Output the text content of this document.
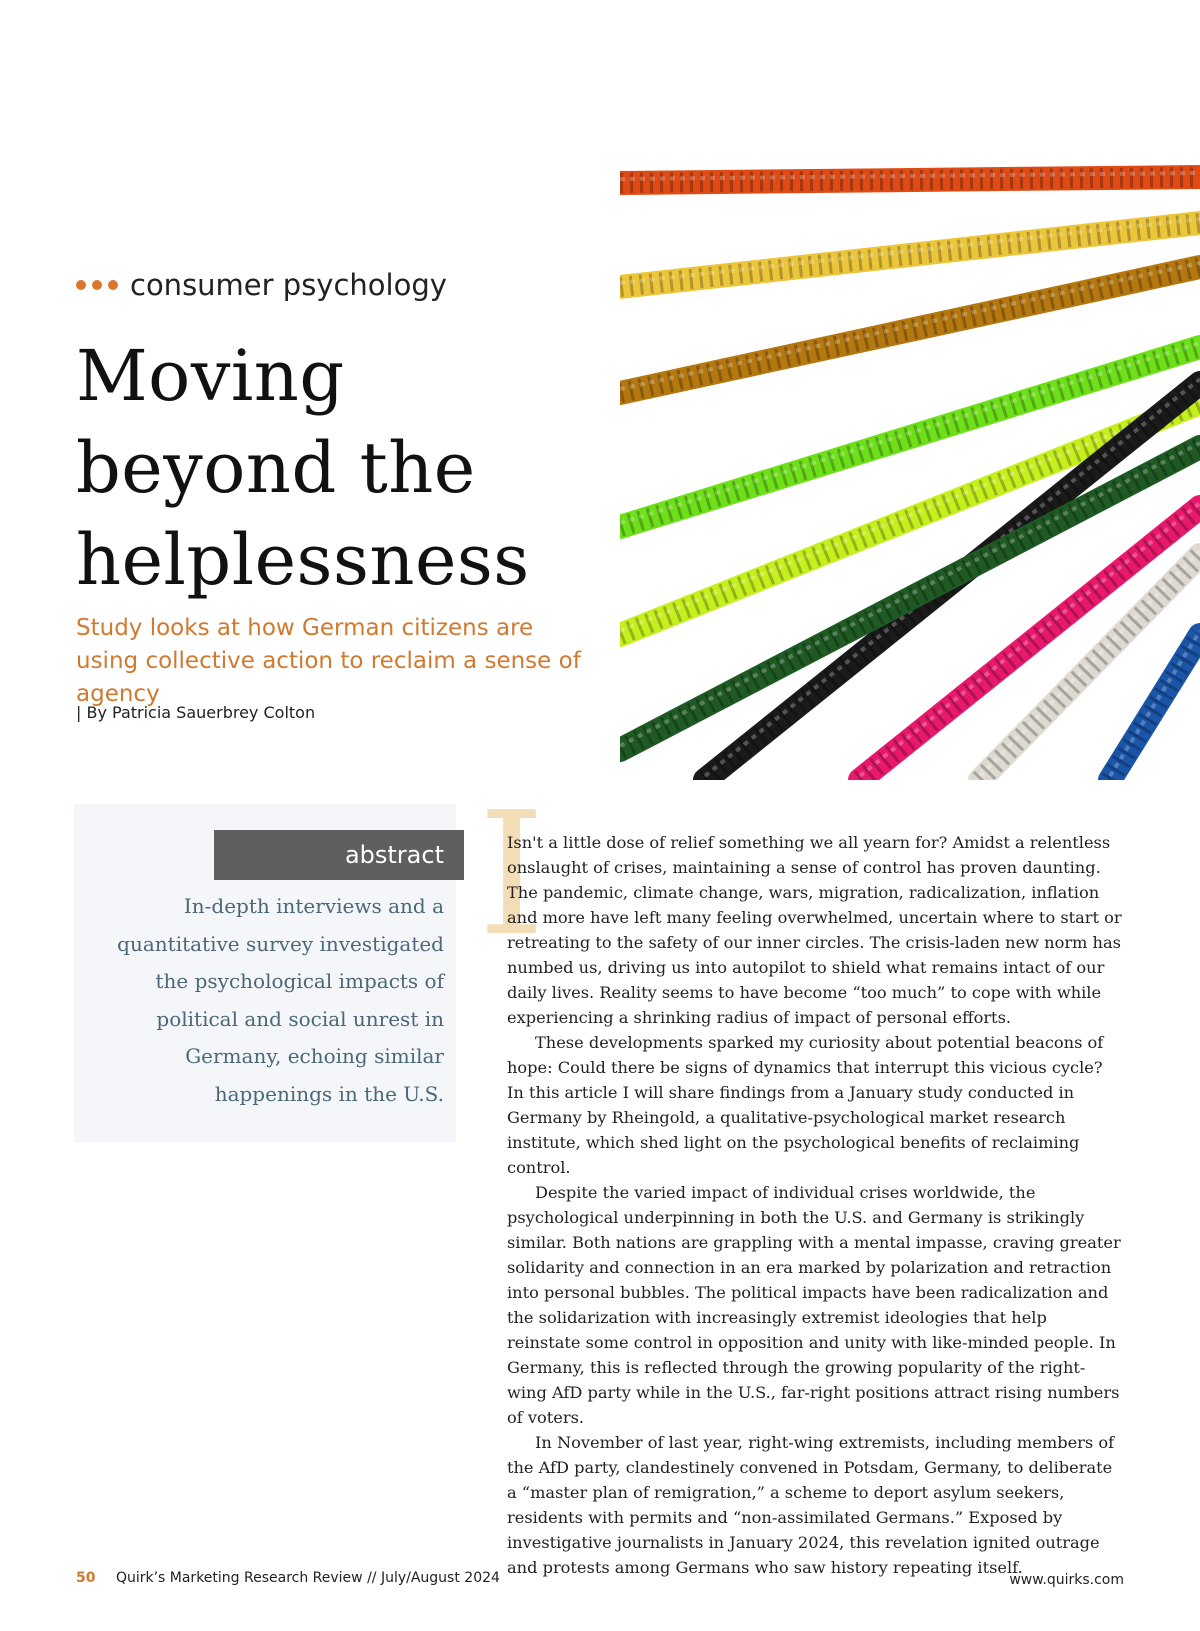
consumer psychology
Moving beyond the helplessness
Study looks at how German citizens are using collective action to reclaim a sense of agency
| By Patricia Sauerbrey Colton
abstract
In-depth interviews and a quantitative survey investigated the psychological impacts of political and social unrest in Germany, echoing similar happenings in the U.S.
I

Isn't a little dose of relief something we all yearn for? Amidst a relentless onslaught of crises, maintaining a sense of control has proven daunting. The pandemic, climate change, wars, migration, radicalization, inflation and more have left many feeling overwhelmed, uncertain where to start or retreating to the safety of our inner circles. The crisis-laden new norm has numbed us, driving us into autopilot to shield what remains intact of our daily lives. Reality seems to have become “too much” to cope with while experiencing a shrinking radius of impact of personal efforts.

These developments sparked my curiosity about potential beacons of hope: Could there be signs of dynamics that interrupt this vicious cycle? In this article I will share findings from a January study conducted in Germany by Rheingold, a qualitative-psychological market research institute, which shed light on the psychological benefits of reclaiming control.

Despite the varied impact of individual crises worldwide, the psychological underpinning in both the U.S. and Germany is strikingly similar. Both nations are grappling with a mental impasse, craving greater solidarity and connection in an era marked by polarization and retraction into personal bubbles. The political impacts have been radicalization and the solidarization with increasingly extremist ideologies that help reinstate some control in opposition and unity with like-minded people. In Germany, this is reflected through the growing popularity of the right-wing AfD party while in the U.S., far-right positions attract rising numbers of voters.

In November of last year, right-wing extremists, including members of the AfD party, clandestinely convened in Potsdam, Germany, to deliberate a “master plan of remigration,” a scheme to deport asylum seekers, residents with permits and “non-assimilated Germans.” Exposed by investigative journalists in January 2024, this revelation ignited outrage and protests among Germans who saw history repeating itself.

50 Quirk’s Marketing Research Review // July/August 2024	www.quirks.com
